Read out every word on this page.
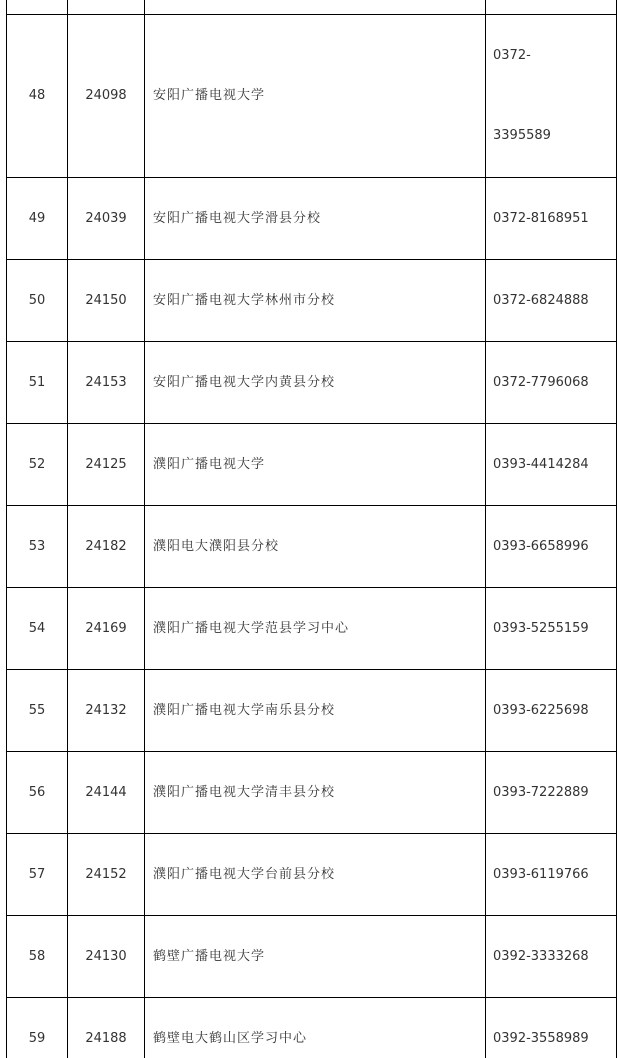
48	24098	安阳广播电视大学	0372-
3395589

49	24039	安阳广播电视大学滑县分校	0372-8168951
50	24150	安阳广播电视大学林州市分校	0372-6824888
51	24153	安阳广播电视大学内黄县分校	0372-7796068
52	24125	濮阳广播电视大学	0393-4414284
53	24182	濮阳电大濮阳县分校	0393-6658996
54	24169	濮阳广播电视大学范县学习中心	0393-5255159
55	24132	濮阳广播电视大学南乐县分校	0393-6225698
56	24144	濮阳广播电视大学清丰县分校	0393-7222889
57	24152	濮阳广播电视大学台前县分校	0393-6119766
58	24130	鹤壁广播电视大学	0392-3333268
59	24188	鹤壁电大鹤山区学习中心	0392-3558989
